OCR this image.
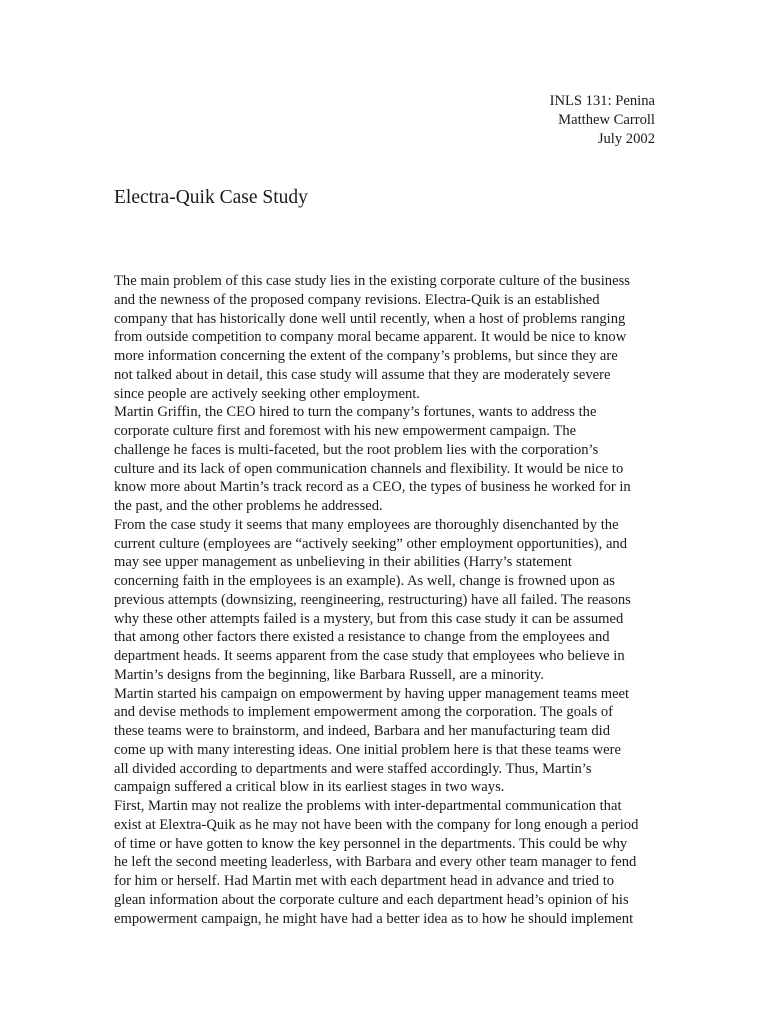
INLS 131: Penina
Matthew Carroll
July 2002
Electra-Quik Case Study
The main problem of this case study lies in the existing corporate culture of the business
and the newness of the proposed company revisions. Electra-Quik is an established
company that has historically done well until recently, when a host of problems ranging
from outside competition to company moral became apparent. It would be nice to know
more information concerning the extent of the company’s problems, but since they are
not talked about in detail, this case study will assume that they are moderately severe
since people are actively seeking other employment.
Martin Griffin, the CEO hired to turn the company’s fortunes, wants to address the
corporate culture first and foremost with his new empowerment campaign. The
challenge he faces is multi-faceted, but the root problem lies with the corporation’s
culture and its lack of open communication channels and flexibility. It would be nice to
know more about Martin’s track record as a CEO, the types of business he worked for in
the past, and the other problems he addressed.
From the case study it seems that many employees are thoroughly disenchanted by the
current culture (employees are “actively seeking” other employment opportunities), and
may see upper management as unbelieving in their abilities (Harry’s statement
concerning faith in the employees is an example). As well, change is frowned upon as
previous attempts (downsizing, reengineering, restructuring) have all failed. The reasons
why these other attempts failed is a mystery, but from this case study it can be assumed
that among other factors there existed a resistance to change from the employees and
department heads. It seems apparent from the case study that employees who believe in
Martin’s designs from the beginning, like Barbara Russell, are a minority.
Martin started his campaign on empowerment by having upper management teams meet
and devise methods to implement empowerment among the corporation. The goals of
these teams were to brainstorm, and indeed, Barbara and her manufacturing team did
come up with many interesting ideas. One initial problem here is that these teams were
all divided according to departments and were staffed accordingly. Thus, Martin’s
campaign suffered a critical blow in its earliest stages in two ways.
First, Martin may not realize the problems with inter-departmental communication that
exist at Elextra-Quik as he may not have been with the company for long enough a period
of time or have gotten to know the key personnel in the departments. This could be why
he left the second meeting leaderless, with Barbara and every other team manager to fend
for him or herself. Had Martin met with each department head in advance and tried to
glean information about the corporate culture and each department head’s opinion of his
empowerment campaign, he might have had a better idea as to how he should implement
